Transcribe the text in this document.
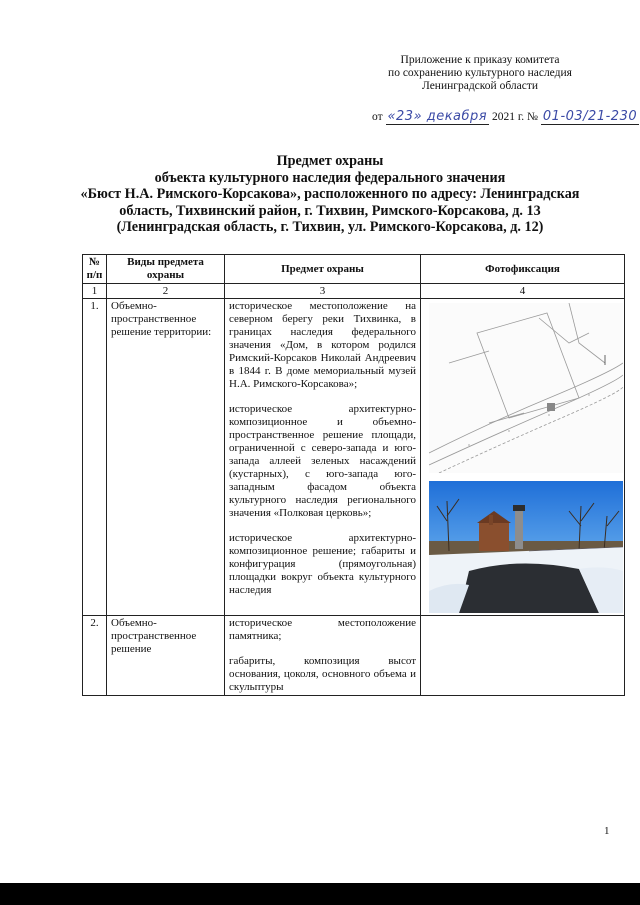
Приложение к приказу комитета
по сохранению культурного наследия
Ленинградской области
от «23» декабря 2021 г. № 01-03/21-230
Предмет охраны
объекта культурного наследия федерального значения
«Бюст Н.А. Римского-Корсакова», расположенного по адресу: Ленинградская
область, Тихвинский район, г. Тихвин, Римского-Корсакова, д. 13
(Ленинградская область, г. Тихвин, ул. Римского-Корсакова, д. 12)
№ п/п	Виды предмета охраны	Предмет охраны	Фотофиксация
1	2	3	4
1.	Объемно-пространственное решение территории:	историческое местоположение на северном берегу реки Тихвинка, в границах наследия федерального значения «Дом, в котором родился Римский-Корсаков Николай Андреевич в 1844 г. В доме мемориальный музей Н.А. Римского-Корсакова»;
историческое архитектурно-композиционное и объемно-пространственное решение площади, ограниченной с северо-запада и юго-запада аллеей зеленых насаждений (кустарных), с юго-запада юго-западным фасадом объекта культурного наследия регионального значения «Полковая церковь»;
историческое архитектурно-композиционное решение; габариты и конфигурация (прямоугольная) площадки вокруг объекта культурного наследия

2.	Объемно-пространственное решение	историческое местоположение памятника;
габариты, композиция высот основания, цоколя, основного объема и скульптуры	

1
